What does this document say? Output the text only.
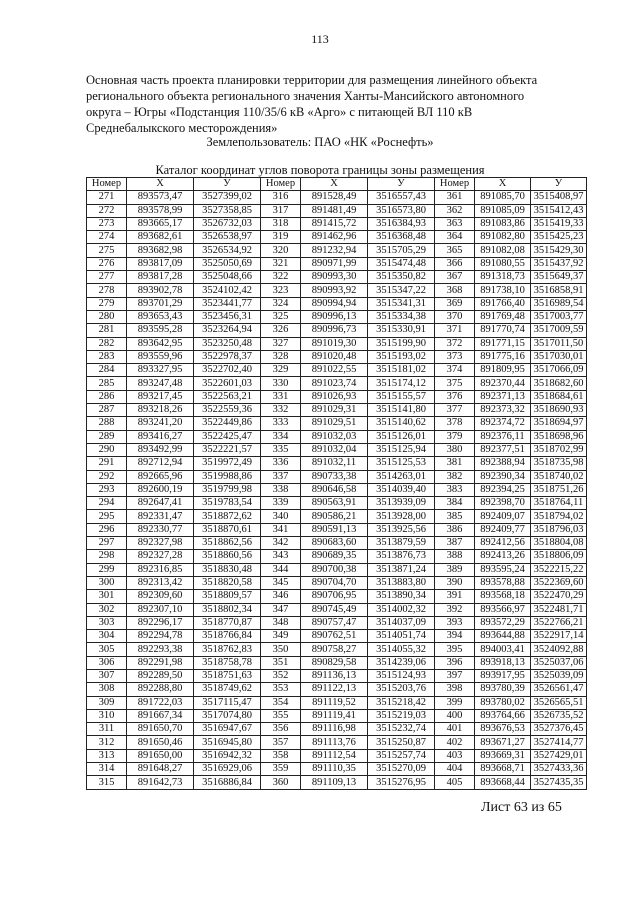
113
Основная часть проекта планировки территории для размещения линейного объекта
регионального объекта регионального значения Ханты-Мансийского автономного
округа – Югры «Подстанция 110/35/6 кВ «Арго» с питающей ВЛ 110 кВ
Среднебалыкского месторождения»
Землепользователь: ПАО «НК «Роснефть»
Каталог координат углов поворота границы зоны размещения
Номер	X	У	Номер	X	У	Номер	X	У
271	893573,47	3527399,02	316	891528,49	3516557,43	361	891085,70	3515408,97
272	893578,99	3527358,85	317	891481,49	3516573,80	362	891085,09	3515412,43
273	893665,17	3526732,03	318	891415,72	3516384,93	363	891083,86	3515419,33
274	893682,61	3526538,97	319	891462,96	3516368,48	364	891082,80	3515425,23
275	893682,98	3526534,92	320	891232,94	3515705,29	365	891082,08	3515429,30
276	893817,09	3525050,69	321	890971,99	3515474,48	366	891080,55	3515437,92
277	893817,28	3525048,66	322	890993,30	3515350,82	367	891318,73	3515649,37
278	893902,78	3524102,42	323	890993,92	3515347,22	368	891738,10	3516858,91
279	893701,29	3523441,77	324	890994,94	3515341,31	369	891766,40	3516989,54
280	893653,43	3523456,31	325	890996,13	3515334,38	370	891769,48	3517003,77
281	893595,28	3523264,94	326	890996,73	3515330,91	371	891770,74	3517009,59
282	893642,95	3523250,48	327	891019,30	3515199,90	372	891771,15	3517011,50
283	893559,96	3522978,37	328	891020,48	3515193,02	373	891775,16	3517030,01
284	893327,95	3522702,40	329	891022,55	3515181,02	374	891809,95	3517066,09
285	893247,48	3522601,03	330	891023,74	3515174,12	375	892370,44	3518682,60
286	893217,45	3522563,21	331	891026,93	3515155,57	376	892371,13	3518684,61
287	893218,26	3522559,36	332	891029,31	3515141,80	377	892373,32	3518690,93
288	893241,20	3522449,86	333	891029,51	3515140,62	378	892374,72	3518694,97
289	893416,27	3522425,47	334	891032,03	3515126,01	379	892376,11	3518698,96
290	893492,99	3522221,57	335	891032,04	3515125,94	380	892377,51	3518702,99
291	892712,94	3519972,49	336	891032,11	3515125,53	381	892388,94	3518735,98
292	892665,96	3519988,86	337	890733,38	3514263,01	382	892390,34	3518740,02
293	892600,19	3519799,98	338	890646,58	3514039,40	383	892394,25	3518751,26
294	892647,41	3519783,54	339	890563,91	3513939,09	384	892398,70	3518764,11
295	892331,47	3518872,62	340	890586,21	3513928,00	385	892409,07	3518794,02
296	892330,77	3518870,61	341	890591,13	3513925,56	386	892409,77	3518796,03
297	892327,98	3518862,56	342	890683,60	3513879,59	387	892412,56	3518804,08
298	892327,28	3518860,56	343	890689,35	3513876,73	388	892413,26	3518806,09
299	892316,85	3518830,48	344	890700,38	3513871,24	389	893595,24	3522215,22
300	892313,42	3518820,58	345	890704,70	3513883,80	390	893578,88	3522369,60
301	892309,60	3518809,57	346	890706,95	3513890,34	391	893568,18	3522470,29
302	892307,10	3518802,34	347	890745,49	3514002,32	392	893566,97	3522481,71
303	892296,17	3518770,87	348	890757,47	3514037,09	393	893572,29	3522766,21
304	892294,78	3518766,84	349	890762,51	3514051,74	394	893644,88	3522917,14
305	892293,38	3518762,83	350	890758,27	3514055,32	395	894003,41	3524092,88
306	892291,98	3518758,78	351	890829,58	3514239,06	396	893918,13	3525037,06
307	892289,50	3518751,63	352	891136,13	3515124,93	397	893917,95	3525039,09
308	892288,80	3518749,62	353	891122,13	3515203,76	398	893780,39	3526561,47
309	891722,03	3517115,47	354	891119,52	3515218,42	399	893780,02	3526565,51
310	891667,34	3517074,80	355	891119,41	3515219,03	400	893764,66	3526735,52
311	891650,70	3516947,67	356	891116,98	3515232,74	401	893676,53	3527376,45
312	891650,46	3516945,80	357	891113,76	3515250,87	402	893671,27	3527414,77
313	891650,00	3516942,32	358	891112,54	3515257,74	403	893669,31	3527429,01
314	891648,27	3516929,06	359	891110,35	3515270,09	404	893668,71	3527433,36
315	891642,73	3516886,84	360	891109,13	3515276,95	405	893668,44	3527435,35
Лист 63 из 65
